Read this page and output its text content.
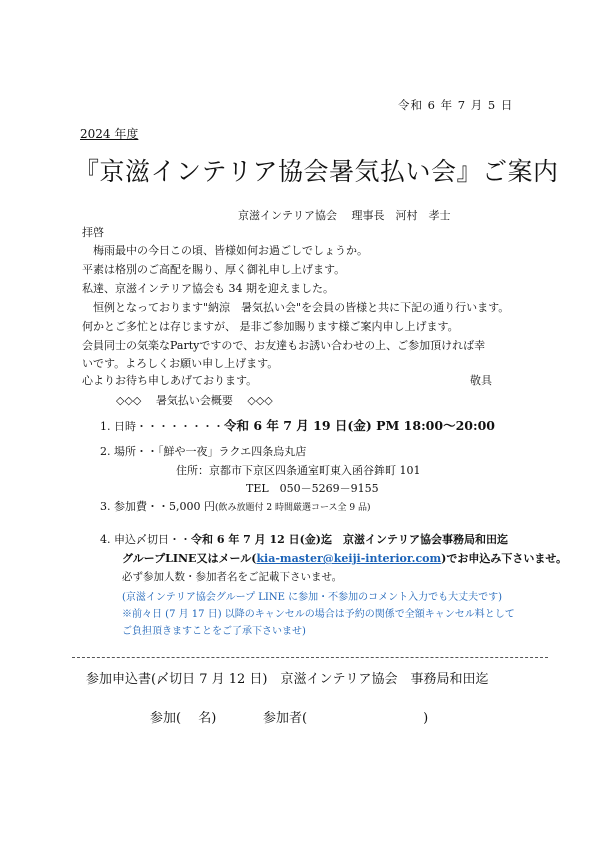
令和 6 年 7 月 5 日
2024 年度
『京滋インテリア協会暑気払い会』ご案内
京滋インテリア協会　 理事長　河村　孝士
拝啓
　梅雨最中の今日この頃、皆様如何お過ごしでしょうか。
平素は格別のご高配を賜り、厚く御礼申し上げます。
私達、京滋インテリア協会も 34 期を迎えました。
　恒例となっております"納涼　暑気払い会"を会員の皆様と共に下記の通り行います。
何かとご多忙とは存じますが、 是非ご参加賜ります様ご案内申し上げます。
会員同士の気楽なPartyですので、お友達もお誘い合わせの上、ご参加頂ければ幸
いです。よろしくお願い申し上げます。
心よりお待ち申しあげております。	敬具
◇◇◇　 暑気払い会概要　 ◇◇◇
1. 日時・・・・・・・・令和 6 年 7 月 19 日(金) PM 18:00～20:00
2. 場所・・「鮮や一夜」ラクエ四条烏丸店
住所：京都市下京区四条通室町東入函谷鉾町 101
TEL　050－5269－9155
3. 参加費・・5,000 円(飲み放題付 2 時間厳選コース全 9 品)
4. 申込〆切日・・令和 6 年 7 月 12 日(金)迄　京滋インテリア協会事務局和田迄
グループLINE又はメール(kia-master@keiji-interior.com)でお申込み下さいませ。
必ず参加人数・参加者名をご記載下さいませ。
(京滋インテリア協会グループ LINE に参加・不参加のコメント入力でも大丈夫です)
※前々日 (7 月 17 日) 以降のキャンセルの場合は予約の関係で全額キャンセル料として
ご負担頂きますことをご了承下さいませ)
参加申込書(〆切日 7 月 12 日)　京滋インテリア協会　事務局和田迄
参加(　 名)	参加者(	)
